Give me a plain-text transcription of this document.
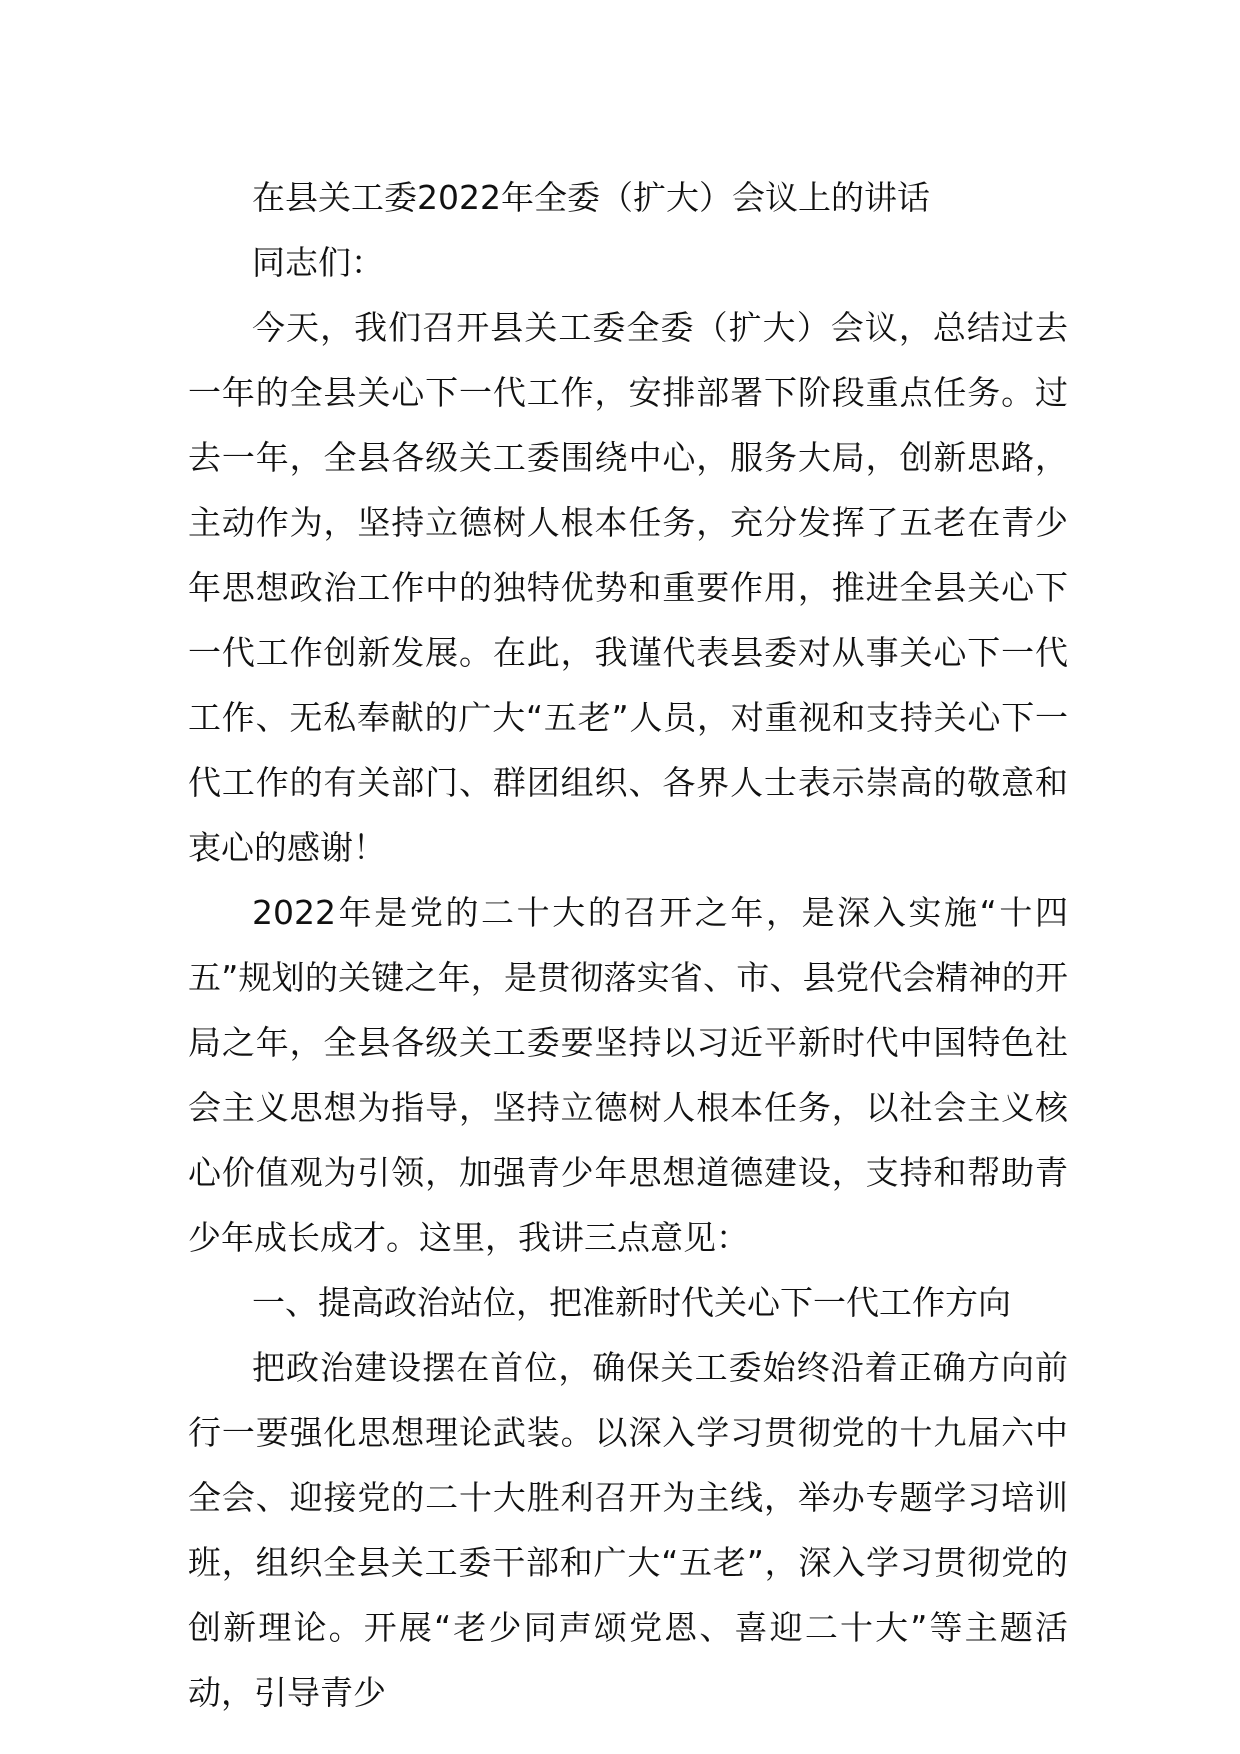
在县关工委2022年全委（扩大）会议上的讲话

同志们：

今天，我们召开县关工委全委（扩大）会议，总结过去一年的全县关心下一代工作，安排部署下阶段重点任务。过去一年，全县各级关工委围绕中心，服务大局，创新思路，主动作为，坚持立德树人根本任务，充分发挥了五老在青少年思想政治工作中的独特优势和重要作用，推进全县关心下一代工作创新发展。在此，我谨代表县委对从事关心下一代工作、无私奉献的广大“五老”人员，对重视和支持关心下一代工作的有关部门、群团组织、各界人士表示崇高的敬意和衷心的感谢！

2022年是党的二十大的召开之年，是深入实施“十四五”规划的关键之年，是贯彻落实省、市、县党代会精神的开局之年，全县各级关工委要坚持以习近平新时代中国特色社会主义思想为指导，坚持立德树人根本任务，以社会主义核心价值观为引领，加强青少年思想道德建设，支持和帮助青少年成长成才。这里，我讲三点意见：

一、提高政治站位，把准新时代关心下一代工作方向

把政治建设摆在首位，确保关工委始终沿着正确方向前行一要强化思想理论武装。以深入学习贯彻党的十九届六中全会、迎接党的二十大胜利召开为主线，举办专题学习培训班，组织全县关工委干部和广大“五老”，深入学习贯彻党的创新理论。开展“老少同声颂党恩、喜迎二十大”等主题活动，引导青少
